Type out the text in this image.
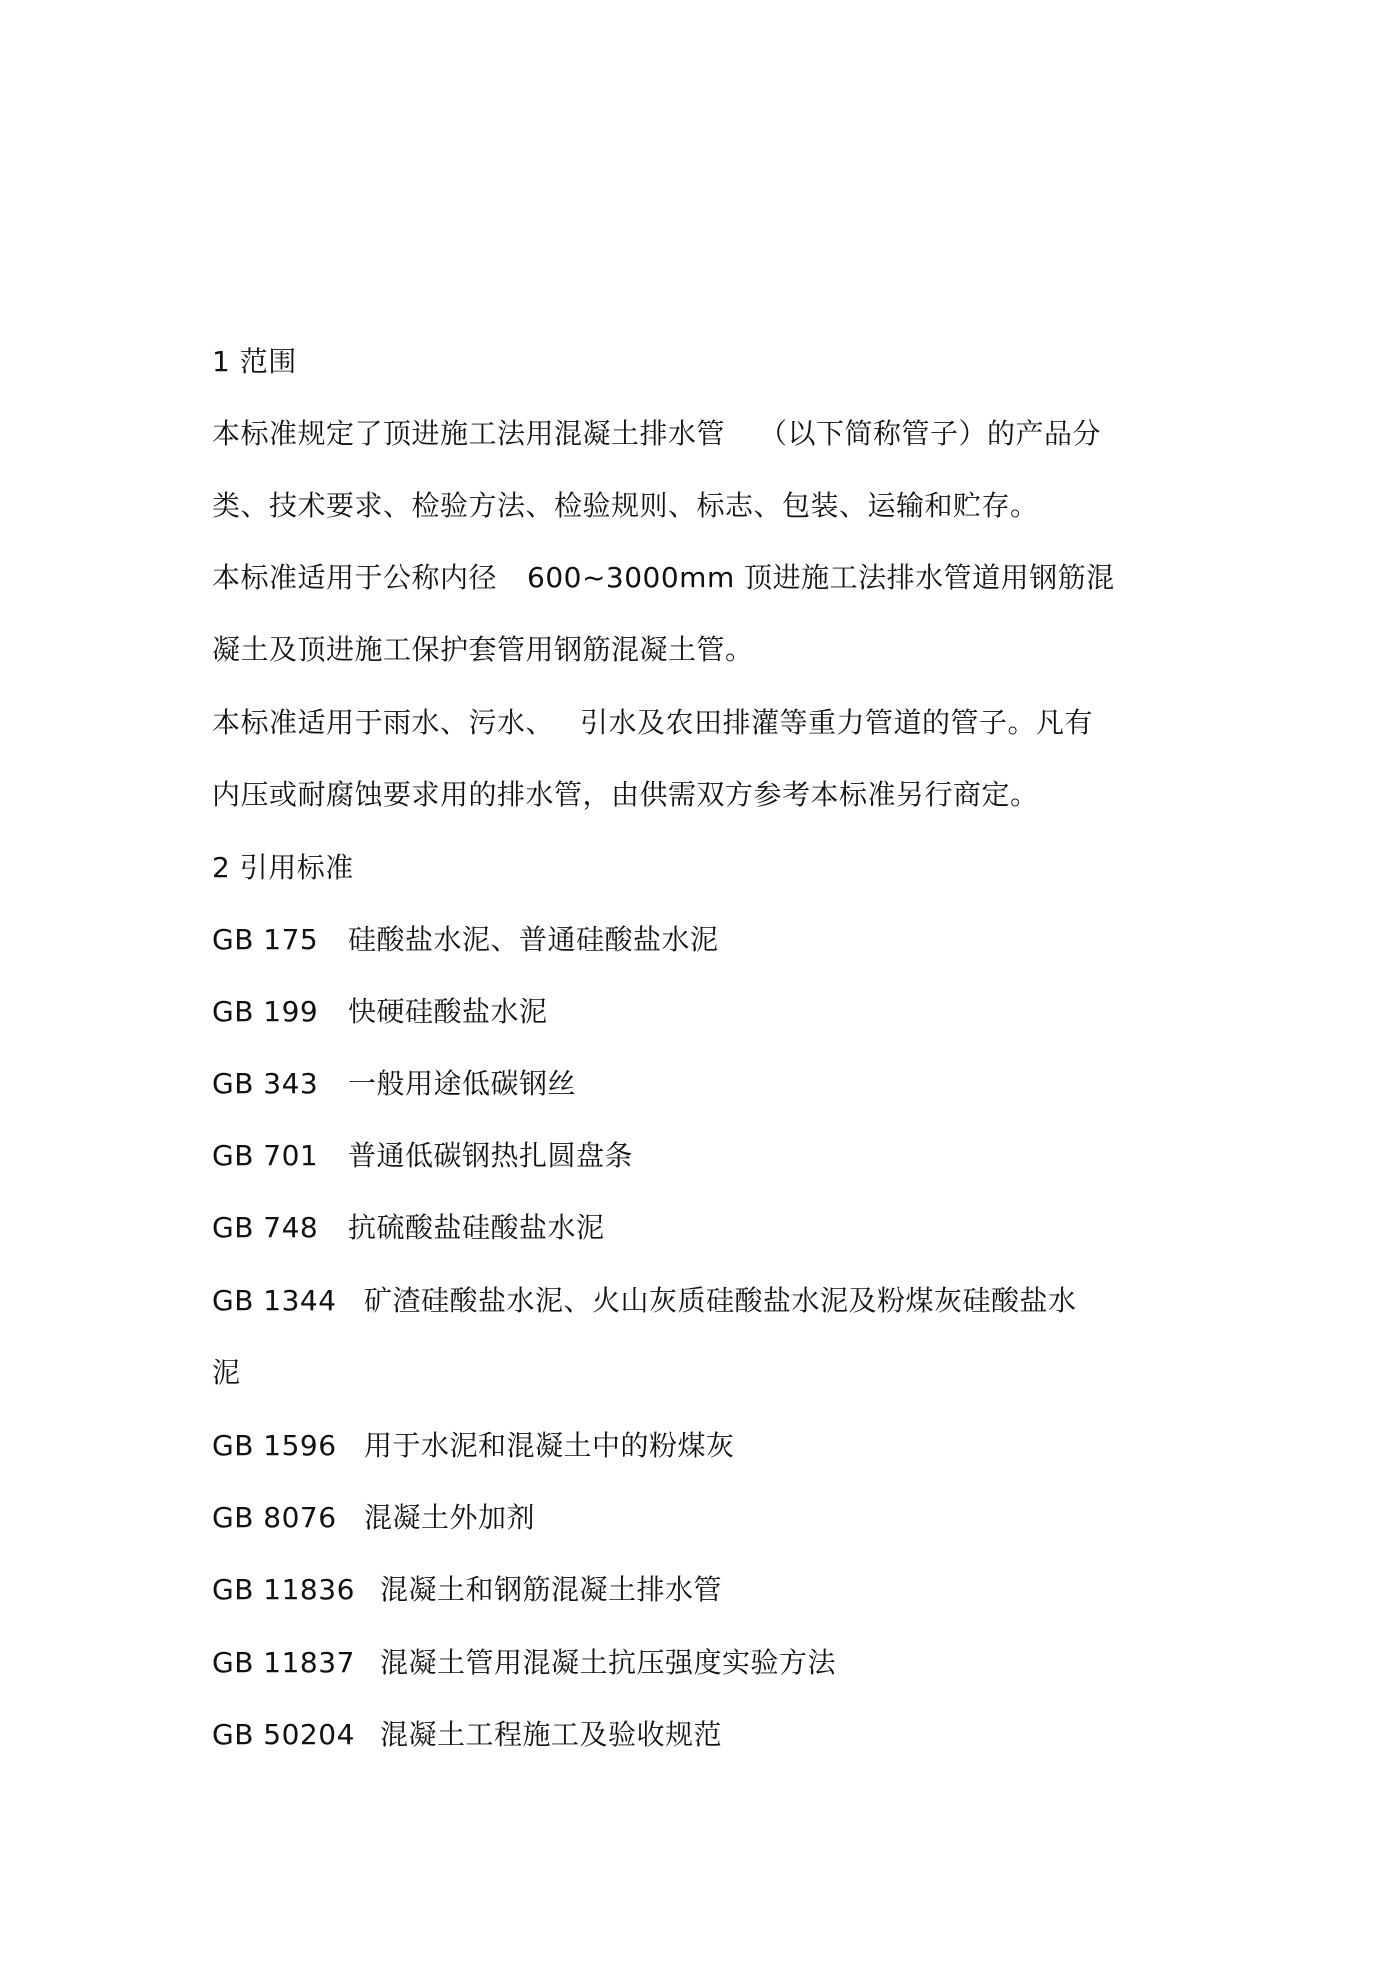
1 范围
本标准规定了顶进施工法用混凝土排水管 （以下简称管子）的产品分
类、技术要求、检验方法、检验规则、标志、包装、运输和贮存。
本标准适用于公称内径 600~3000mm 顶进施工法排水管道用钢筋混
凝土及顶进施工保护套管用钢筋混凝土管。
本标准适用于雨水、污水、 引水及农田排灌等重力管道的管子。凡有
内压或耐腐蚀要求用的排水管，由供需双方参考本标准另行商定。
2 引用标准
GB 175 硅酸盐水泥、普通硅酸盐水泥
GB 199 快硬硅酸盐水泥
GB 343 一般用途低碳钢丝
GB 701 普通低碳钢热扎圆盘条
GB 748 抗硫酸盐硅酸盐水泥
GB 1344 矿渣硅酸盐水泥、火山灰质硅酸盐水泥及粉煤灰硅酸盐水
泥
GB 1596 用于水泥和混凝土中的粉煤灰
GB 8076 混凝土外加剂
GB 11836 混凝土和钢筋混凝土排水管
GB 11837 混凝土管用混凝土抗压强度实验方法
GB 50204 混凝土工程施工及验收规范
